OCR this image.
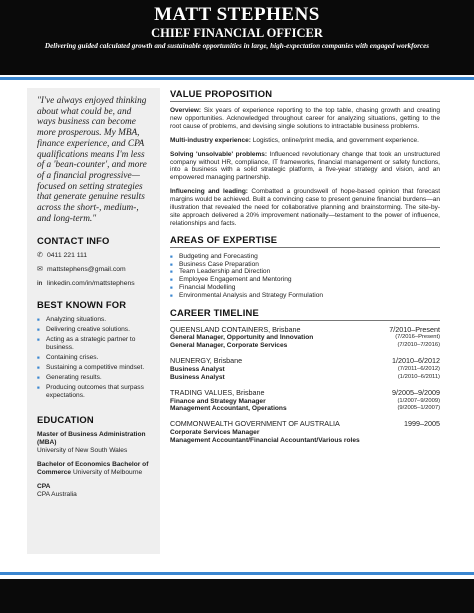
MATT STEPHENS
CHIEF FINANCIAL OFFICER
Delivering guided calculated growth and sustainable opportunities in large, high-expectation companies with engaged workforces
"I've always enjoyed thinking about what could be, and ways business can become more prosperous. My MBA, finance experience, and CPA qualifications means I'm less of a 'bean-counter', and more of a financial progressive—focused on setting strategies that generate genuine results across the short-, medium-, and long-term."
CONTACT INFO
✆ 0411 221 111
✉ mattstephens@gmail.com
in linkedin.com/in/mattstephens
BEST KNOWN FOR
■ Analyzing situations.
■ Delivering creative solutions.
■ Acting as a strategic partner to business.
■ Containing crises.
■ Sustaining a competitive mindset.
■ Generating results.
■ Producing outcomes that surpass expectations.
EDUCATION
Master of Business Administration (MBA)
University of New South Wales
Bachelor of Economics Bachelor of Commerce University of Melbourne
CPA
CPA Australia
VALUE PROPOSITION

Overview: Six years of experience reporting to the top table, chasing growth and creating new opportunities. Acknowledged throughout career for analyzing situations, getting to the root cause of problems, and devising single solutions to intractable business problems.

Multi-industry experience: Logistics, online/print media, and government experience.

Solving 'unsolvable' problems: Influenced revolutionary change that took an unstructured company without HR, compliance, IT frameworks, financial management or safety functions, into a business with a solid strategic platform, a five-year strategy and vision, and an empowered managing partnership.

Influencing and leading: Combatted a groundswell of hope-based opinion that forecast margins would be achieved. Built a convincing case to present genuine financial burdens—an illustration that revealed the need for collaborative planning and brainstorming. The site-by-site approach delivered a 20% improvement nationally—testament to the power of influence, relationships and facts.

AREAS OF EXPERTISE
■ Budgeting and Forecasting
■ Business Case Preparation
■ Team Leadership and Direction
■ Employee Engagement and Mentoring
■ Financial Modelling
■ Environmental Analysis and Strategy Formulation
CAREER TIMELINE
QUEENSLAND CONTAINERS, Brisbane	7/2010–Present
General Manager, Opportunity and Innovation	(7/2016–Present)
General Manager, Corporate Services	(7/2010–7/2016)
NUENERGY, Brisbane	1/2010–6/2012
Business Analyst	(7/2011–6/2012)
Business Analyst	(1/2010–6/2011)
TRADING VALUES, Brisbane	9/2005–9/2009
Finance and Strategy Manager	(1/2007–9/2009)
Management Accountant, Operations	(9/2005–1/2007)
COMMONWEALTH GOVERNMENT OF AUSTRALIA	1999–2005
Corporate Services Manager
Management Accountant/Financial Accountant/Various roles
